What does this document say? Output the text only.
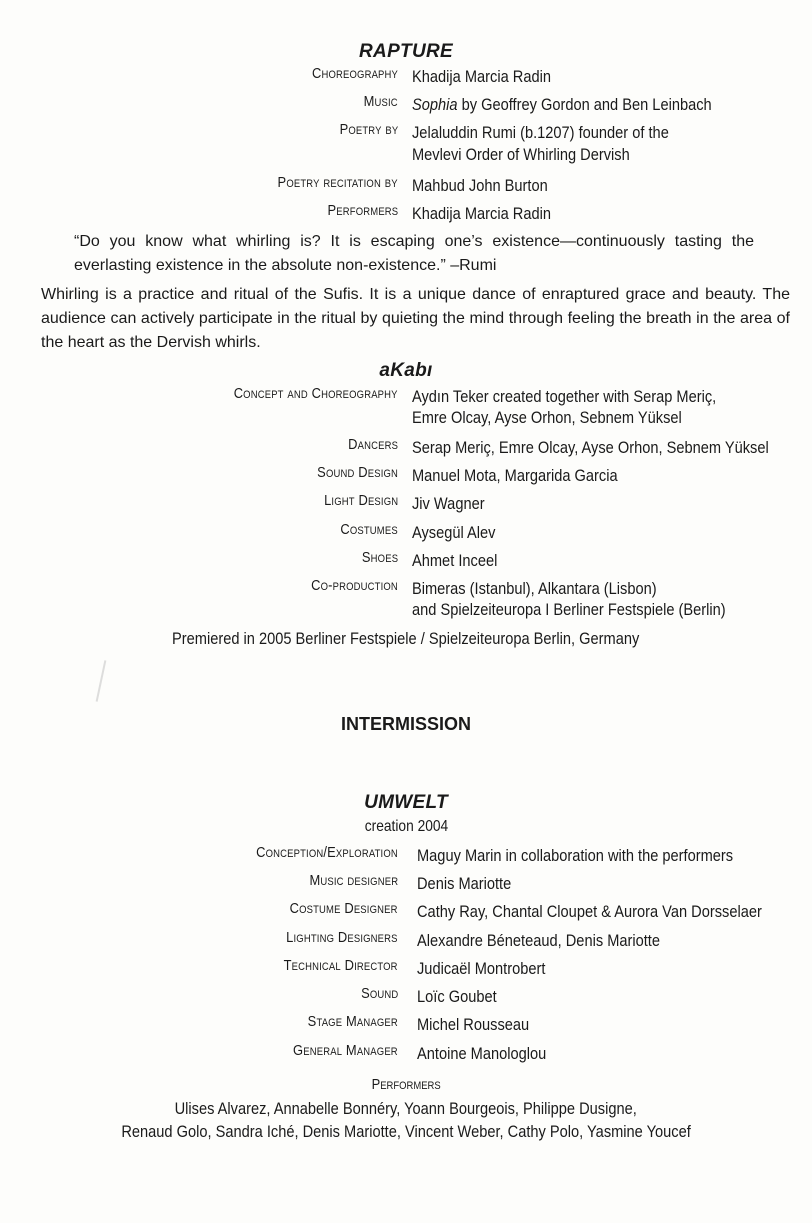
RAPTURE
Choreography Khadija Marcia Radin
Music Sophia by Geoffrey Gordon and Ben Leinbach
Poetry by Jelaluddin Rumi (b.1207) founder of the
Mevlevi Order of Whirling Dervish
Poetry recitation by Mahbud John Burton
Performers Khadija Marcia Radin
“Do you know what whirling is? It is escaping one’s existence—continuously tasting the everlasting existence in the absolute non-existence.” –Rumi
Whirling is a practice and ritual of the Sufis. It is a unique dance of enraptured grace and beauty. The audience can actively participate in the ritual by quieting the mind through feeling the breath in the area of the heart as the Dervish whirls.
aKabı
Concept and Choreography Aydın Teker created together with Serap Meriç,
Emre Olcay, Ayse Orhon, Sebnem Yüksel
Dancers Serap Meriç, Emre Olcay, Ayse Orhon, Sebnem Yüksel
Sound Design Manuel Mota, Margarida Garcia
Light Design Jiv Wagner
Costumes Aysegül Alev
Shoes Ahmet Inceel
Co-production Bimeras (Istanbul), Alkantara (Lisbon)
and Spielzeiteuropa I Berliner Festspiele (Berlin)
Premiered in 2005 Berliner Festspiele / Spielzeiteuropa Berlin, Germany
INTERMISSION
UMWELT
creation 2004
Conception/Exploration Maguy Marin in collaboration with the performers
Music designer Denis Mariotte
Costume Designer Cathy Ray, Chantal Cloupet & Aurora Van Dorsselaer
Lighting Designers Alexandre Béneteaud, Denis Mariotte
Technical Director Judicaël Montrobert
Sound Loïc Goubet
Stage Manager Michel Rousseau
General Manager Antoine Manologlou
Performers
Ulises Alvarez, Annabelle Bonnéry, Yoann Bourgeois, Philippe Dusigne,
Renaud Golo, Sandra Iché, Denis Mariotte, Vincent Weber, Cathy Polo, Yasmine Youcef
